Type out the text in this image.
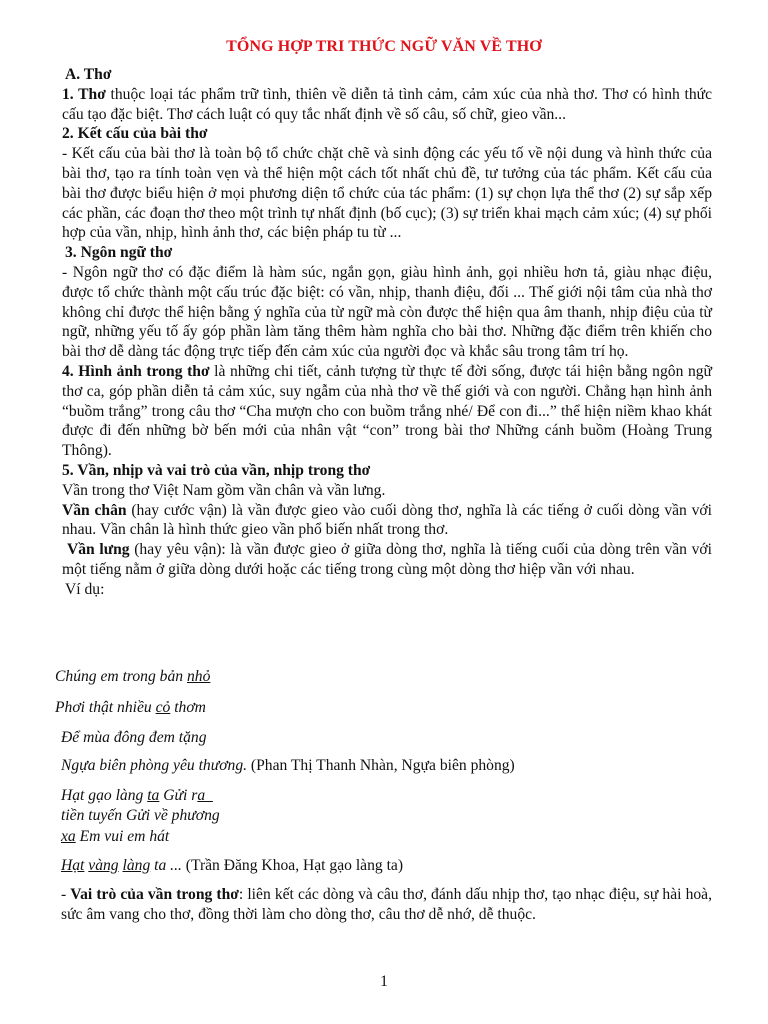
TỔNG HỢP TRI THỨC NGỮ VĂN VỀ THƠ

A. Thơ

1. Thơ thuộc loại tác phẩm trữ tình, thiên về diễn tả tình cảm, cảm xúc của nhà thơ. Thơ có hình thức cấu tạo đặc biệt. Thơ cách luật có quy tắc nhất định về số câu, số chữ, gieo vần...

2. Kết cấu của bài thơ

- Kết cấu của bài thơ là toàn bộ tổ chức chặt chẽ và sinh động các yếu tố về nội dung và hình thức của bài thơ, tạo ra tính toàn vẹn và thể hiện một cách tốt nhất chủ đề, tư tưởng của tác phẩm. Kết cấu của bài thơ được biểu hiện ở mọi phương diện tổ chức của tác phẩm: (1) sự chọn lựa thể thơ (2) sự sắp xếp các phần, các đoạn thơ theo một trình tự nhất định (bố cục); (3) sự triển khai mạch cảm xúc; (4) sự phối hợp của vần, nhịp, hình ảnh thơ, các biện pháp tu từ ...

3. Ngôn ngữ thơ

- Ngôn ngữ thơ có đặc điểm là hàm súc, ngắn gọn, giàu hình ảnh, gọi nhiều hơn tả, giàu nhạc điệu, được tổ chức thành một cấu trúc đặc biệt: có vần, nhịp, thanh điệu, đối ... Thế giới nội tâm của nhà thơ không chỉ được thể hiện bằng ý nghĩa của từ ngữ mà còn được thể hiện qua âm thanh, nhịp điệu của từ ngữ, những yếu tố ấy góp phần làm tăng thêm hàm nghĩa cho bài thơ. Những đặc điểm trên khiến cho bài thơ dễ dàng tác động trực tiếp đến cảm xúc của người đọc và khắc sâu trong tâm trí họ.

4. Hình ảnh trong thơ là những chi tiết, cảnh tượng từ thực tế đời sống, được tái hiện bằng ngôn ngữ thơ ca, góp phần diễn tả cảm xúc, suy ngẫm của nhà thơ về thế giới và con người. Chẳng hạn hình ảnh “buồm trắng” trong câu thơ “Cha mượn cho con buồm trắng nhé/ Để con đi...” thể hiện niềm khao khát được đi đến những bờ bến mới của nhân vật “con” trong bài thơ Những cánh buồm (Hoàng Trung Thông).

5. Vần, nhịp và vai trò của vần, nhịp trong thơ

Vần trong thơ Việt Nam gồm vần chân và vần lưng.

Vần chân (hay cước vận) là vần được gieo vào cuối dòng thơ, nghĩa là các tiếng ở cuối dòng vần với nhau. Vần chân là hình thức gieo vần phổ biến nhất trong thơ.

Vần lưng (hay yêu vận): là vần được gieo ở giữa dòng thơ, nghĩa là tiếng cuối của dòng trên vần với một tiếng nằm ở giữa dòng dưới hoặc các tiếng trong cùng một dòng thơ hiệp vần với nhau.

Ví dụ:

Chúng em trong bản nhỏ

Phơi thật nhiều cỏ thơm

Để mùa đông đem tặng

Ngựa biên phòng yêu thương. (Phan Thị Thanh Nhàn, Ngựa biên phòng)

Hạt gạo làng ta Gửi ra

tiền tuyến Gửi về phương

xa Em vui em hát

Hạt vàng làng ta ... (Trần Đăng Khoa, Hạt gạo làng ta)

- Vai trò của vần trong thơ: liên kết các dòng và câu thơ, đánh dấu nhịp thơ, tạo nhạc điệu, sự hài hoà, sức âm vang cho thơ, đồng thời làm cho dòng thơ, câu thơ dễ nhớ, dễ thuộc.

1
